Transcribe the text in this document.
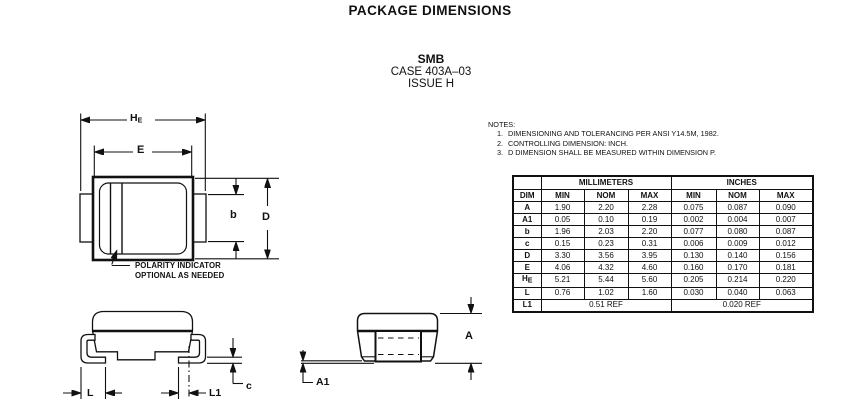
PACKAGE DIMENSIONS
SMB
CASE 403A–03
ISSUE H
$H_E$
E
b D
L	L1
c
A
A1
POLARITY INDICATOR
OPTIONAL AS NEEDED
NOTES:
1. DIMENSIONING AND TOLERANCING PER ANSI Y14.5M, 1982.
2. CONTROLLING DIMENSION: INCH.
3. D DIMENSION SHALL BE MEASURED WITHIN DIMENSION P.
	MILLIMETERS			INCHES		
DIM	MIN	NOM	MAX	MIN	NOM	MAX
A	1.90	2.20	2.28	0.075	0.087	0.090
A1	0.05	0.10	0.19	0.002	0.004	0.007
b	1.96	2.03	2.20	0.077	0.080	0.087
c	0.15	0.23	0.31	0.006	0.009	0.012
D	3.30	3.56	3.95	0.130	0.140	0.156
E	4.06	4.32	4.60	0.160	0.170	0.181
HE	5.21	5.44	5.60	0.205	0.214	0.220
L	0.76	1.02	1.60	0.030	0.040	0.063
L1	0.51 REF			0.020 REF		
